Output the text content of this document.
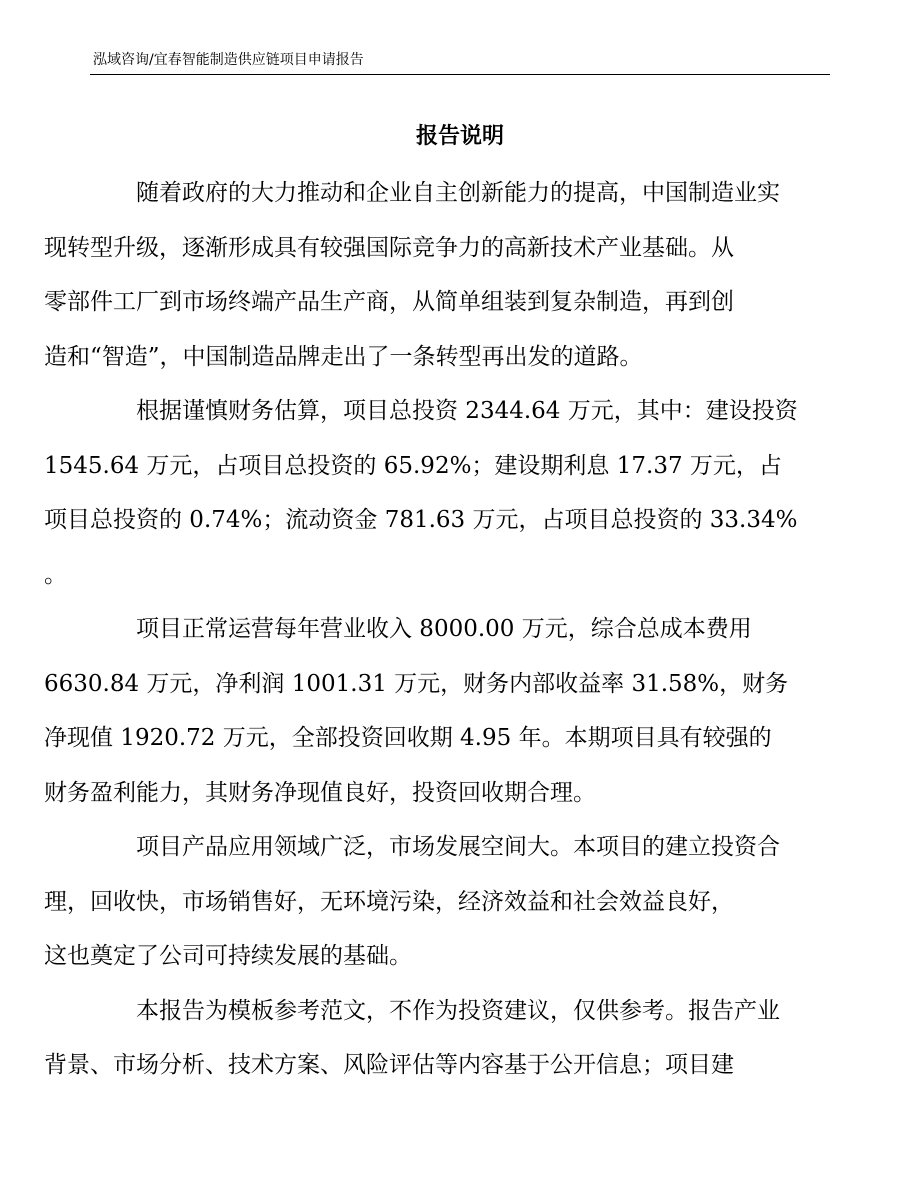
泓域咨询/宜春智能制造供应链项目申请报告
报告说明

随着政府的大力推动和企业自主创新能力的提高，中国制造业实
现转型升级，逐渐形成具有较强国际竞争力的高新技术产业基础。从
零部件工厂到市场终端产品生产商，从简单组装到复杂制造，再到创
造和“智造”，中国制造品牌走出了一条转型再出发的道路。

根据谨慎财务估算，项目总投资 2344.64 万元，其中：建设投资
1545.64 万元，占项目总投资的 65.92%；建设期利息 17.37 万元，占
项目总投资的 0.74%；流动资金 781.63 万元，占项目总投资的 33.34%
。

项目正常运营每年营业收入 8000.00 万元，综合总成本费用
6630.84 万元，净利润 1001.31 万元，财务内部收益率 31.58%，财务
净现值 1920.72 万元，全部投资回收期 4.95 年。本期项目具有较强的
财务盈利能力，其财务净现值良好，投资回收期合理。

项目产品应用领域广泛，市场发展空间大。本项目的建立投资合
理，回收快，市场销售好，无环境污染，经济效益和社会效益良好，
这也奠定了公司可持续发展的基础。

本报告为模板参考范文，不作为投资建议，仅供参考。报告产业
背景、市场分析、技术方案、风险评估等内容基于公开信息；项目建
